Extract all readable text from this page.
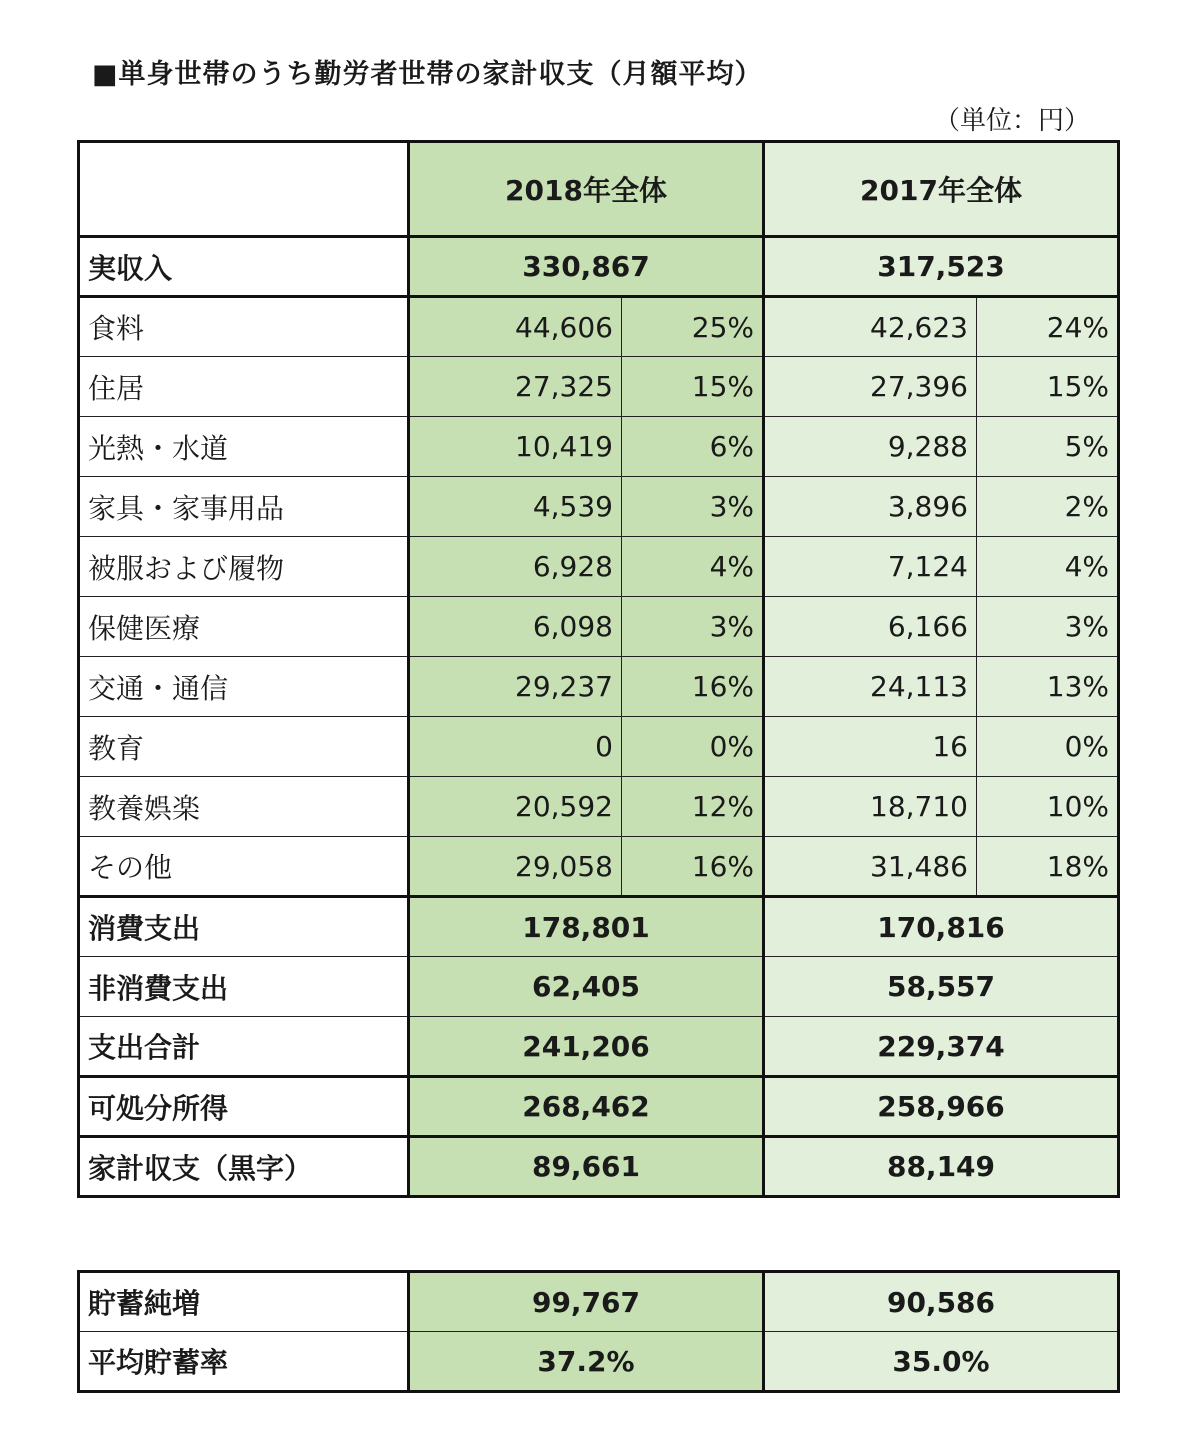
■単身世帯のうち勤労者世帯の家計収支（月額平均）
（単位：円）
	2018年全体		2017年全体	
実収入	330,867		317,523	
食料	44,606	25%	42,623	24%
住居	27,325	15%	27,396	15%
光熱・水道	10,419	6%	9,288	5%
家具・家事用品	4,539	3%	3,896	2%
被服および履物	6,928	4%	7,124	4%
保健医療	6,098	3%	6,166	3%
交通・通信	29,237	16%	24,113	13%
教育	0	0%	16	0%
教養娯楽	20,592	12%	18,710	10%
その他	29,058	16%	31,486	18%
消費支出	178,801		170,816	
非消費支出	62,405		58,557	
支出合計	241,206		229,374	
可処分所得	268,462		258,966	
家計収支（黒字）	89,661		88,149	
貯蓄純増	99,767	90,586
平均貯蓄率	37.2%	35.0%
